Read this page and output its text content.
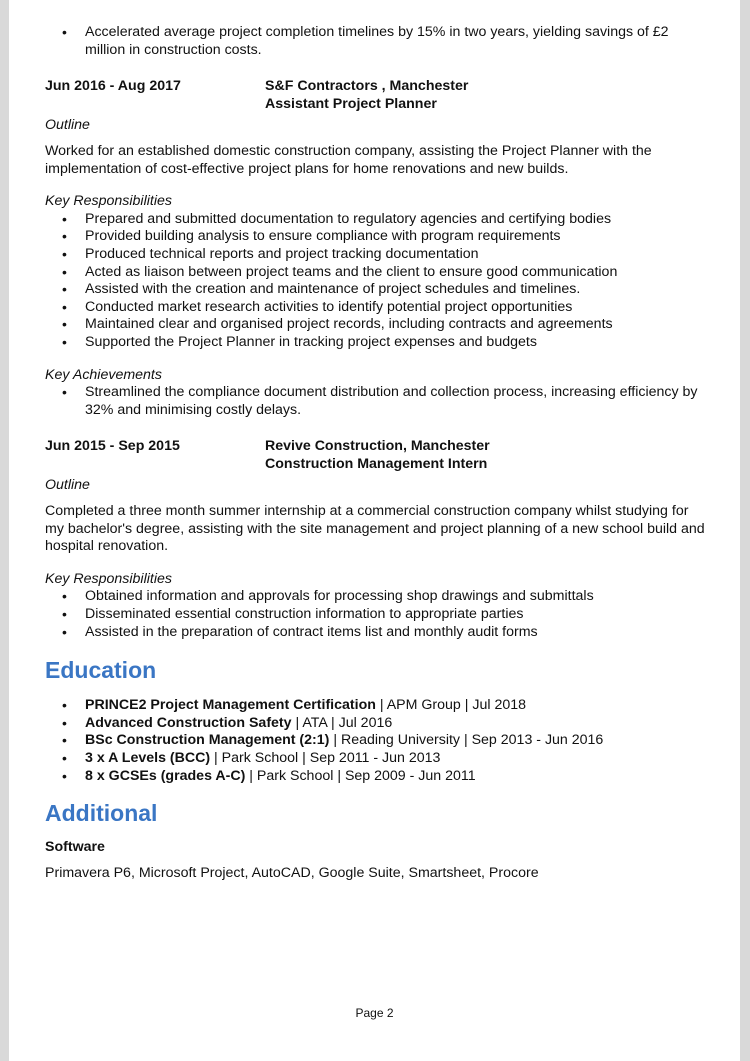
• Accelerated average project completion timelines by 15% in two years, yielding savings of £2 million in construction costs.
Jun 2016 - Aug 2017	S&F Contractors , Manchester
Assistant Project Planner
Outline
Worked for an established domestic construction company, assisting the Project Planner with the implementation of cost-effective project plans for home renovations and new builds.
Key Responsibilities
• Prepared and submitted documentation to regulatory agencies and certifying bodies
• Provided building analysis to ensure compliance with program requirements
• Produced technical reports and project tracking documentation
• Acted as liaison between project teams and the client to ensure good communication
• Assisted with the creation and maintenance of project schedules and timelines.
• Conducted market research activities to identify potential project opportunities
• Maintained clear and organised project records, including contracts and agreements
• Supported the Project Planner in tracking project expenses and budgets
Key Achievements
• Streamlined the compliance document distribution and collection process, increasing efficiency by 32% and minimising costly delays.
Jun 2015 - Sep 2015	Revive Construction, Manchester
Construction Management Intern
Outline
Completed a three month summer internship at a commercial construction company whilst studying for my bachelor's degree, assisting with the site management and project planning of a new school build and hospital renovation.
Key Responsibilities
• Obtained information and approvals for processing shop drawings and submittals
• Disseminated essential construction information to appropriate parties
• Assisted in the preparation of contract items list and monthly audit forms
Education
• PRINCE2 Project Management Certification | APM Group | Jul 2018
• Advanced Construction Safety | ATA | Jul 2016
• BSc Construction Management (2:1) | Reading University | Sep 2013 - Jun 2016
• 3 x A Levels (BCC) | Park School | Sep 2011 - Jun 2013
• 8 x GCSEs (grades A-C) | Park School | Sep 2009 - Jun 2011
Additional
Software
Primavera P6, Microsoft Project, AutoCAD, Google Suite, Smartsheet, Procore
Page 2
